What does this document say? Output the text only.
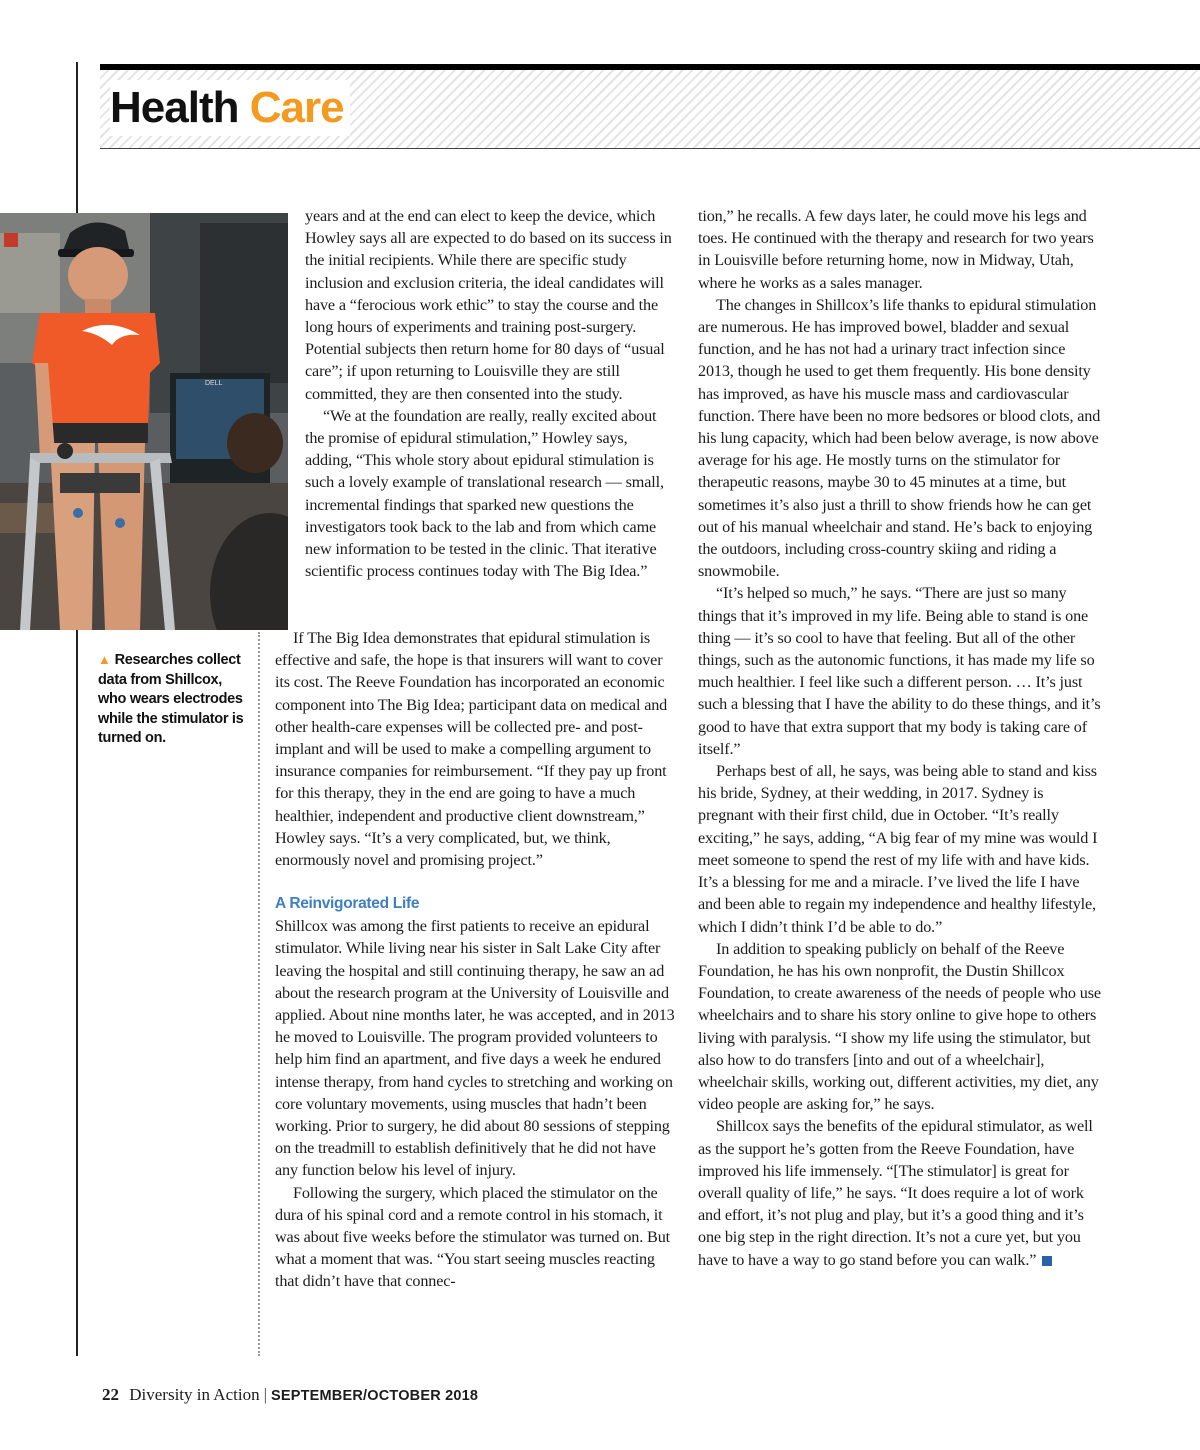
Health Care
DELL
▲ Researches collect data from Shillcox, who wears electrodes while the stimulator is turned on.

years and at the end can elect to keep the device, which Howley says all are expected to do based on its success in the initial recipients. While there are specific study inclusion and exclusion criteria, the ideal candidates will have a “ferocious work ethic” to stay the course and the long hours of experiments and training post-surgery. Potential subjects then return home for 80 days of “usual care”; if upon returning to Louisville they are still committed, they are then consented into the study.

“We at the foundation are really, really excited about the promise of epidural stimulation,” Howley says, adding, “This whole story about epidural stimulation is such a lovely example of translational research — small, incremental findings that sparked new questions the investigators took back to the lab and from which came new information to be tested in the clinic. That iterative scientific process continues today with The Big Idea.”

If The Big Idea demonstrates that epidural stimulation is effective and safe, the hope is that insurers will want to cover its cost. The Reeve Foundation has incorporated an economic component into The Big Idea; participant data on medical and other health-care expenses will be collected pre- and post-implant and will be used to make a compelling argument to insurance companies for reimbursement. “If they pay up front for this therapy, they in the end are going to have a much healthier, independent and productive client downstream,” Howley says. “It’s a very complicated, but, we think, enormously novel and promising project.”

A Reinvigorated Life

Shillcox was among the first patients to receive an epidural stimulator. While living near his sister in Salt Lake City after leaving the hospital and still continuing therapy, he saw an ad about the research program at the University of Louisville and applied. About nine months later, he was accepted, and in 2013 he moved to Louisville. The program provided volunteers to help him find an apartment, and five days a week he endured intense therapy, from hand cycles to stretching and working on core voluntary movements, using muscles that hadn’t been working. Prior to surgery, he did about 80 sessions of stepping on the treadmill to establish definitively that he did not have any function below his level of injury.

Following the surgery, which placed the stimulator on the dura of his spinal cord and a remote control in his stomach, it was about five weeks before the stimulator was turned on. But what a moment that was. “You start seeing muscles reacting that didn’t have that connec-

tion,” he recalls. A few days later, he could move his legs and toes. He continued with the therapy and research for two years in Louisville before returning home, now in Midway, Utah, where he works as a sales manager.

The changes in Shillcox’s life thanks to epidural stimulation are numerous. He has improved bowel, bladder and sexual function, and he has not had a urinary tract infection since 2013, though he used to get them frequently. His bone density has improved, as have his muscle mass and cardiovascular function. There have been no more bedsores or blood clots, and his lung capacity, which had been below average, is now above average for his age. He mostly turns on the stimulator for therapeutic reasons, maybe 30 to 45 minutes at a time, but sometimes it’s also just a thrill to show friends how he can get out of his manual wheelchair and stand. He’s back to enjoying the outdoors, including cross-country skiing and riding a snowmobile.

“It’s helped so much,” he says. “There are just so many things that it’s improved in my life. Being able to stand is one thing — it’s so cool to have that feeling. But all of the other things, such as the autonomic functions, it has made my life so much healthier. I feel like such a different person. … It’s just such a blessing that I have the ability to do these things, and it’s good to have that extra support that my body is taking care of itself.”

Perhaps best of all, he says, was being able to stand and kiss his bride, Sydney, at their wedding, in 2017. Sydney is pregnant with their first child, due in October. “It’s really exciting,” he says, adding, “A big fear of my mine was would I meet someone to spend the rest of my life with and have kids. It’s a blessing for me and a miracle. I’ve lived the life I have and been able to regain my independence and healthy lifestyle, which I didn’t think I’d be able to do.”

In addition to speaking publicly on behalf of the Reeve Foundation, he has his own nonprofit, the Dustin Shillcox Foundation, to create awareness of the needs of people who use wheelchairs and to share his story online to give hope to others living with paralysis. “I show my life using the stimulator, but also how to do transfers [into and out of a wheelchair], wheelchair skills, working out, different activities, my diet, any video people are asking for,” he says.

Shillcox says the benefits of the epidural stimulator, as well as the support he’s gotten from the Reeve Foundation, have improved his life immensely. “[The stimulator] is great for overall quality of life,” he says. “It does require a lot of work and effort, it’s not plug and play, but it’s a good thing and it’s one big step in the right direction. It’s not a cure yet, but you have to have a way to go stand before you can walk.”

22 Diversity in Action | SEPTEMBER/OCTOBER 2018
